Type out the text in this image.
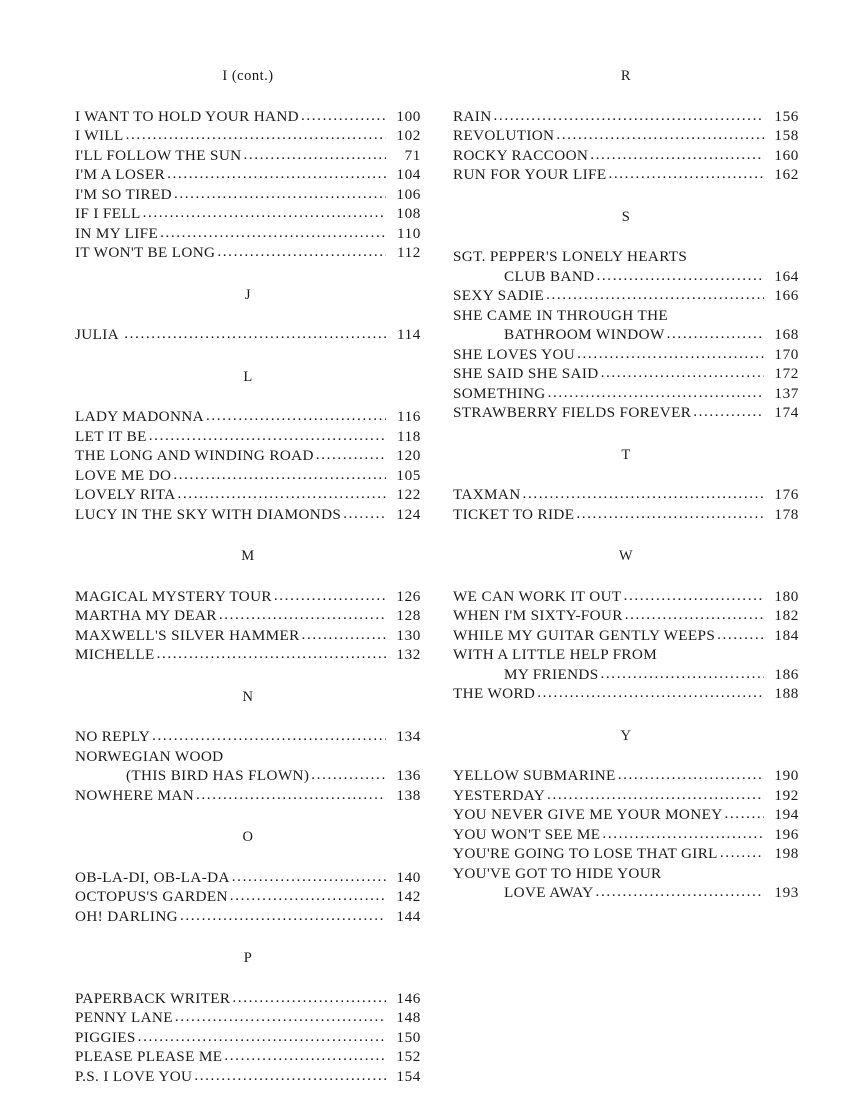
I (cont.)
I WANT TO HOLD YOUR HAND .....	100
I WILL .....	102
I'LL FOLLOW THE SUN .....	71
I'M A LOSER .....	104
I'M SO TIRED .....	106
IF I FELL .....	108
IN MY LIFE .....	110
IT WON'T BE LONG .....	112
J
JULIA .....	114
L
LADY MADONNA .....	116
LET IT BE .....	118
THE LONG AND WINDING ROAD .....	120
LOVE ME DO .....	105
LOVELY RITA .....	122
LUCY IN THE SKY WITH DIAMONDS .....	124
M
MAGICAL MYSTERY TOUR .....	126
MARTHA MY DEAR .....	128
MAXWELL'S SILVER HAMMER .....	130
MICHELLE .....	132
N
NO REPLY .....	134
NORWEGIAN WOOD
(THIS BIRD HAS FLOWN) .....	136
NOWHERE MAN .....	138
O
OB-LA-DI, OB-LA-DA .....	140
OCTOPUS'S GARDEN .....	142
OH! DARLING .....	144
P
PAPERBACK WRITER .....	146
PENNY LANE .....	148
PIGGIES .....	150
PLEASE PLEASE ME .....	152
P.S. I LOVE YOU .....	154
R
RAIN .....	156
REVOLUTION .....	158
ROCKY RACCOON .....	160
RUN FOR YOUR LIFE .....	162
S
SGT. PEPPER'S LONELY HEARTS
CLUB BAND .....	164
SEXY SADIE .....	166
SHE CAME IN THROUGH THE
BATHROOM WINDOW .....	168
SHE LOVES YOU .....	170
SHE SAID SHE SAID .....	172
SOMETHING .....	137
STRAWBERRY FIELDS FOREVER .....	174
T
TAXMAN .....	176
TICKET TO RIDE .....	178
W
WE CAN WORK IT OUT .....	180
WHEN I'M SIXTY-FOUR .....	182
WHILE MY GUITAR GENTLY WEEPS .....	184
WITH A LITTLE HELP FROM
MY FRIENDS .....	186
THE WORD .....	188
Y
YELLOW SUBMARINE .....	190
YESTERDAY .....	192
YOU NEVER GIVE ME YOUR MONEY .....	194
YOU WON'T SEE ME .....	196
YOU'RE GOING TO LOSE THAT GIRL .....	198
YOU'VE GOT TO HIDE YOUR
LOVE AWAY .....	193
